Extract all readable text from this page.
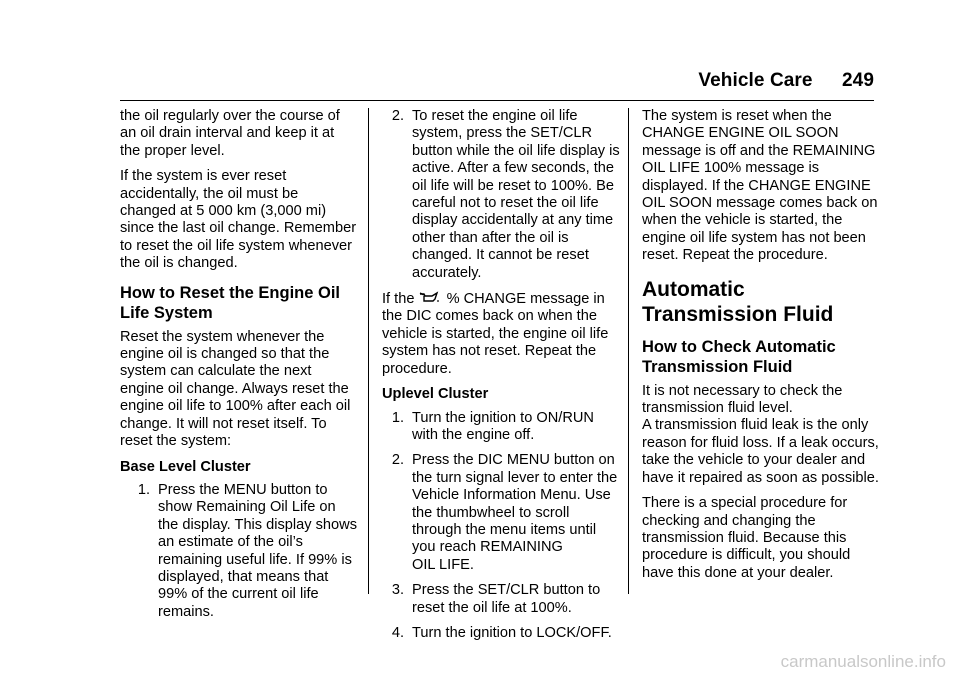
Vehicle Care 249

the oil regularly over the course of an oil drain interval and keep it at the proper level.

If the system is ever reset accidentally, the oil must be changed at 5 000 km (3,000 mi) since the last oil change. Remember to reset the oil life system whenever the oil is changed.

How to Reset the Engine Oil Life System

Reset the system whenever the engine oil is changed so that the system can calculate the next engine oil change. Always reset the engine oil life to 100% after each oil change. It will not reset itself. To reset the system:

Base Level Cluster

1. Press the MENU button to show Remaining Oil Life on the display. This display shows an estimate of the oil’s remaining useful life. If 99% is displayed, that means that 99% of the current oil life remains.
2. To reset the engine oil life system, press the SET/CLR button while the oil life display is active. After a few seconds, the oil life will be reset to 100%. Be careful not to reset the oil life display accidentally at any time other than after the oil is changed. It cannot be reset accurately.

If the % CHANGE message in the DIC comes back on when the vehicle is started, the engine oil life system has not reset. Repeat the procedure.

Uplevel Cluster

1. Turn the ignition to ON/RUN with the engine off.
2. Press the DIC MENU button on the turn signal lever to enter the Vehicle Information Menu. Use the thumbwheel to scroll through the menu items until you reach REMAINING
OIL LIFE.
3. Press the SET/CLR button to reset the oil life at 100%.
4. Turn the ignition to LOCK/OFF.

The system is reset when the CHANGE ENGINE OIL SOON message is off and the REMAINING OIL LIFE 100% message is displayed. If the CHANGE ENGINE OIL SOON message comes back on when the vehicle is started, the engine oil life system has not been reset. Repeat the procedure.

Automatic Transmission Fluid
How to Check Automatic Transmission Fluid

It is not necessary to check the transmission fluid level.

A transmission fluid leak is the only reason for fluid loss. If a leak occurs, take the vehicle to your dealer and have it repaired as soon as possible.

There is a special procedure for checking and changing the transmission fluid. Because this procedure is difficult, you should have this done at your dealer.

carmanualsonline.info
